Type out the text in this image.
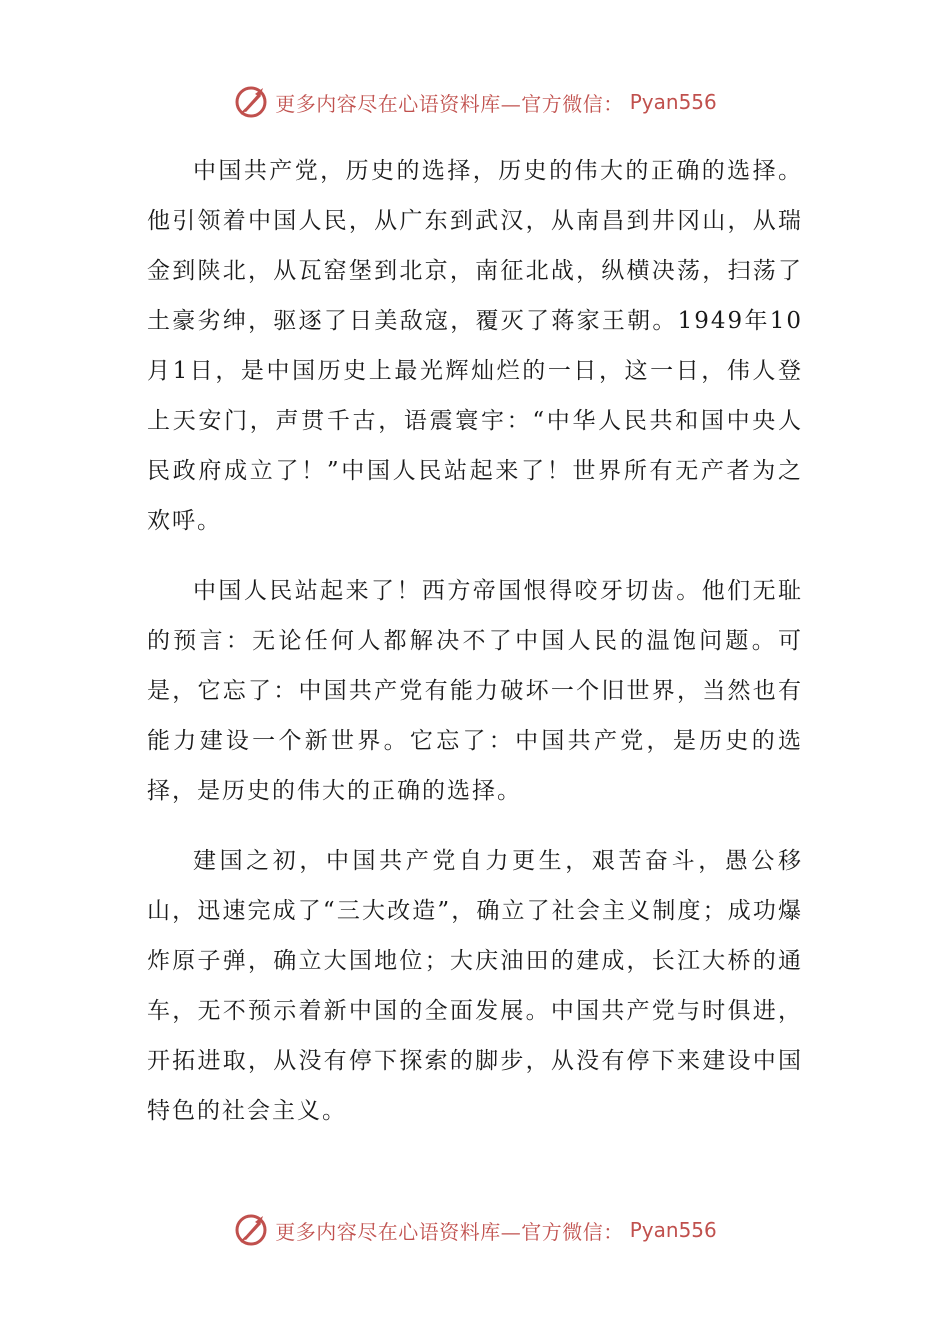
更多内容尽在心语资料库—官方微信： Pyan556

中国共产党，历史的选择，历史的伟大的正确的选择。他引领着中国人民，从广东到武汉，从南昌到井冈山，从瑞金到陕北，从瓦窑堡到北京，南征北战，纵横决荡，扫荡了土豪劣绅，驱逐了日美敌寇，覆灭了蒋家王朝。1949年10月1日，是中国历史上最光辉灿烂的一日，这一日，伟人登上天安门，声贯千古，语震寰宇：“中华人民共和国中央人民政府成立了！”中国人民站起来了！世界所有无产者为之欢呼。

中国人民站起来了！西方帝国恨得咬牙切齿。他们无耻的预言：无论任何人都解决不了中国人民的温饱问题。可是，它忘了：中国共产党有能力破坏一个旧世界，当然也有能力建设一个新世界。它忘了：中国共产党，是历史的选择，是历史的伟大的正确的选择。

建国之初，中国共产党自力更生，艰苦奋斗，愚公移山，迅速完成了“三大改造”，确立了社会主义制度；成功爆炸原子弹，确立大国地位；大庆油田的建成，长江大桥的通车，无不预示着新中国的全面发展。中国共产党与时俱进，开拓进取，从没有停下探索的脚步，从没有停下来建设中国特色的社会主义。

更多内容尽在心语资料库—官方微信： Pyan556
